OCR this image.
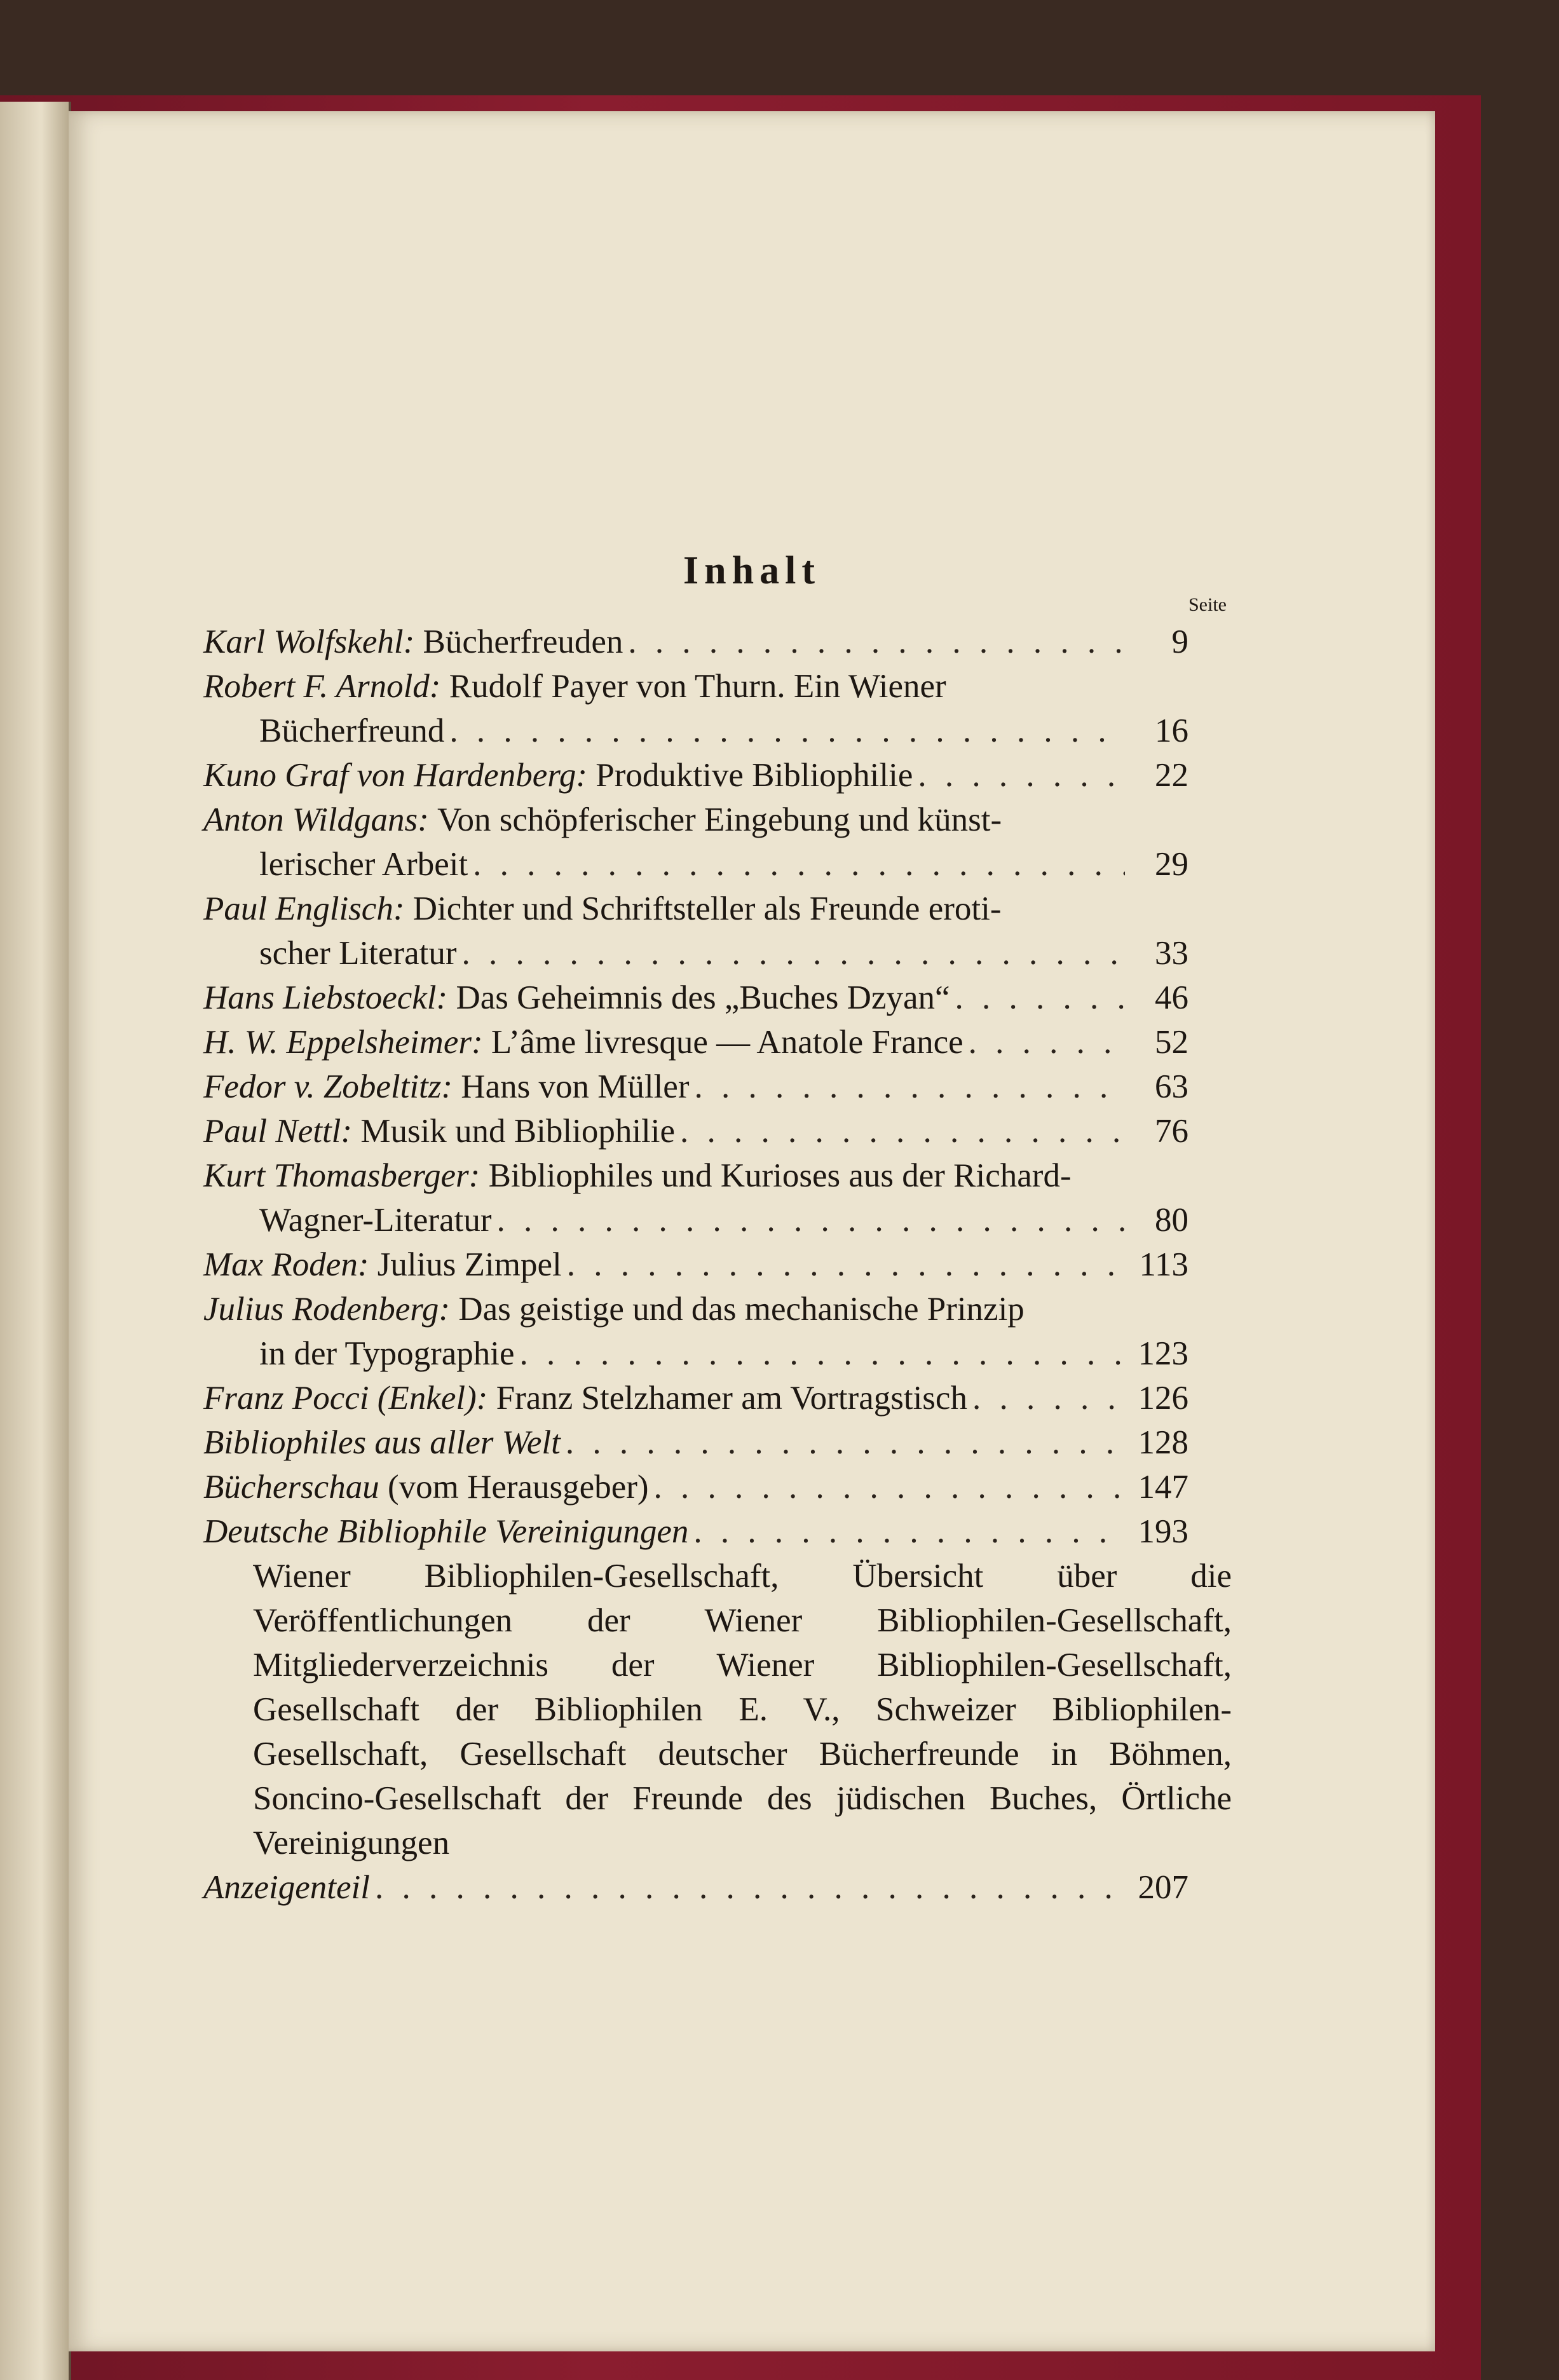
Inhalt
Seite
Karl Wolfskehl:
Bücherfreuden . . .	9
Robert F. Arnold: Rudolf Payer von Thurn. Ein Wiener
Bücherfreund . . .	16
Kuno Graf von Hardenberg:
Produktive Bibliophilie . . .	22
Anton Wildgans: Von schöpferischer Eingebung und künst-
lerischer Arbeit . . .	29
Paul Englisch: Dichter und Schriftsteller als Freunde eroti-
scher Literatur . . .	33
Hans Liebstoeckl:
Das Geheimnis des „Buches Dzyan“ . . .	46
H. W. Eppelsheimer:
L’âme livresque — Anatole France . . .	52
Fedor v. Zobeltitz:
Hans von Müller . . .	63
Paul Nettl:
Musik und Bibliophilie . . .	76
Kurt Thomasberger: Bibliophiles und Kurioses aus der Richard-
Wagner-Literatur . . .	80
Max Roden:
Julius Zimpel . . .	113
Julius Rodenberg: Das geistige und das mechanische Prinzip
in der Typographie . . .	123
Franz Pocci (Enkel):
Franz Stelzhamer am Vortragstisch . . .	126
Bibliophiles aus aller Welt . . .	128
Bücherschau
(vom Herausgeber) . . .	147
Deutsche Bibliophile Vereinigungen . . .	193
Wiener Bibliophilen-Gesellschaft, Übersicht über die Veröffentlichungen der Wiener Bibliophilen-Gesellschaft, Mitgliederverzeichnis der Wiener Bibliophilen-Gesellschaft, Gesellschaft der Bibliophilen E. V., Schweizer Bibliophilen-Gesellschaft, Gesellschaft deutscher Bücherfreunde in Böhmen, Soncino-Gesellschaft der Freunde des jüdischen Buches, Örtliche Vereinigungen
Anzeigenteil . . .	207
